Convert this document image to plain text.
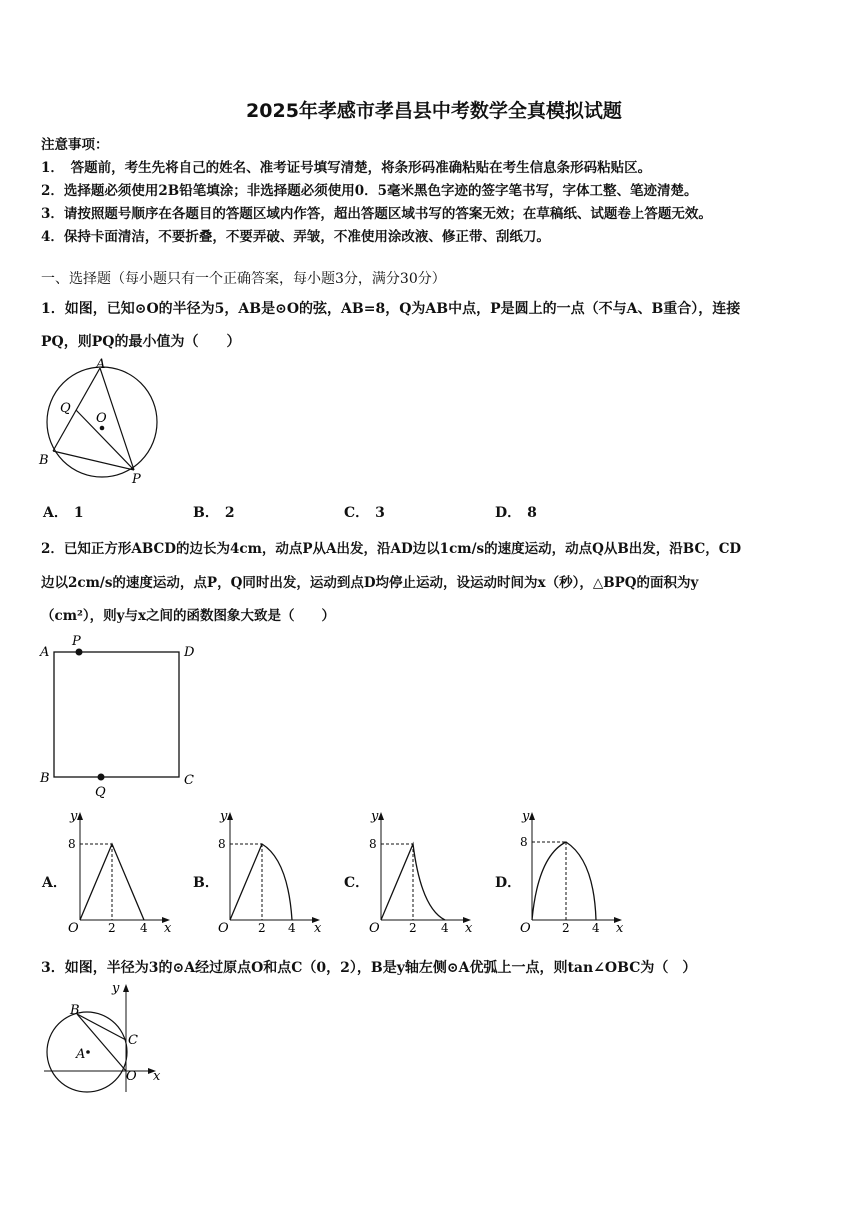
2025年孝感市孝昌县中考数学全真模拟试题
注意事项：
1．　答题前，考生先将自己的姓名、准考证号填写清楚，将条形码准确粘贴在考生信息条形码粘贴区。
2．选择题必须使用2B铅笔填涂；非选择题必须使用0．5毫米黑色字迹的签字笔书写，字体工整、笔迹清楚。
3．请按照题号顺序在各题目的答题区域内作答，超出答题区域书写的答案无效；在草稿纸、试题卷上答题无效。
4．保持卡面清洁，不要折叠，不要弄破、弄皱，不准使用涂改液、修正带、刮纸刀。
一、选择题（每小题只有一个正确答案，每小题3分，满分30分）
1．如图，已知⊙O的半径为5，AB是⊙O的弦，AB=8，Q为AB中点，P是圆上的一点（不与A、B重合），连接
PQ，则PQ的最小值为（　　）
A
B
O
Q
P
A． 1	B． 2	C． 3	D． 8
2．已知正方形ABCD的边长为4cm，动点P从A出发，沿AD边以1cm/s的速度运动，动点Q从B出发，沿BC，CD
边以2cm/s的速度运动，点P，Q同时出发，运动到点D均停止运动，设运动时间为x（秒），△BPQ的面积为y
（cm²），则y与x之间的函数图象大致是（　　）
A
P
D
B	C
Q
A．	B．	C．	D．
y
8
O 2 4 x
y
8
O 2 4 x
y
8
O 2 4 x
y
8
O	2 4 x
3．如图，半径为3的⊙A经过原点O和点C（0，2），B是y轴左侧⊙A优弧上一点，则tan∠OBC为（　）
y
x
B
C
A
O
